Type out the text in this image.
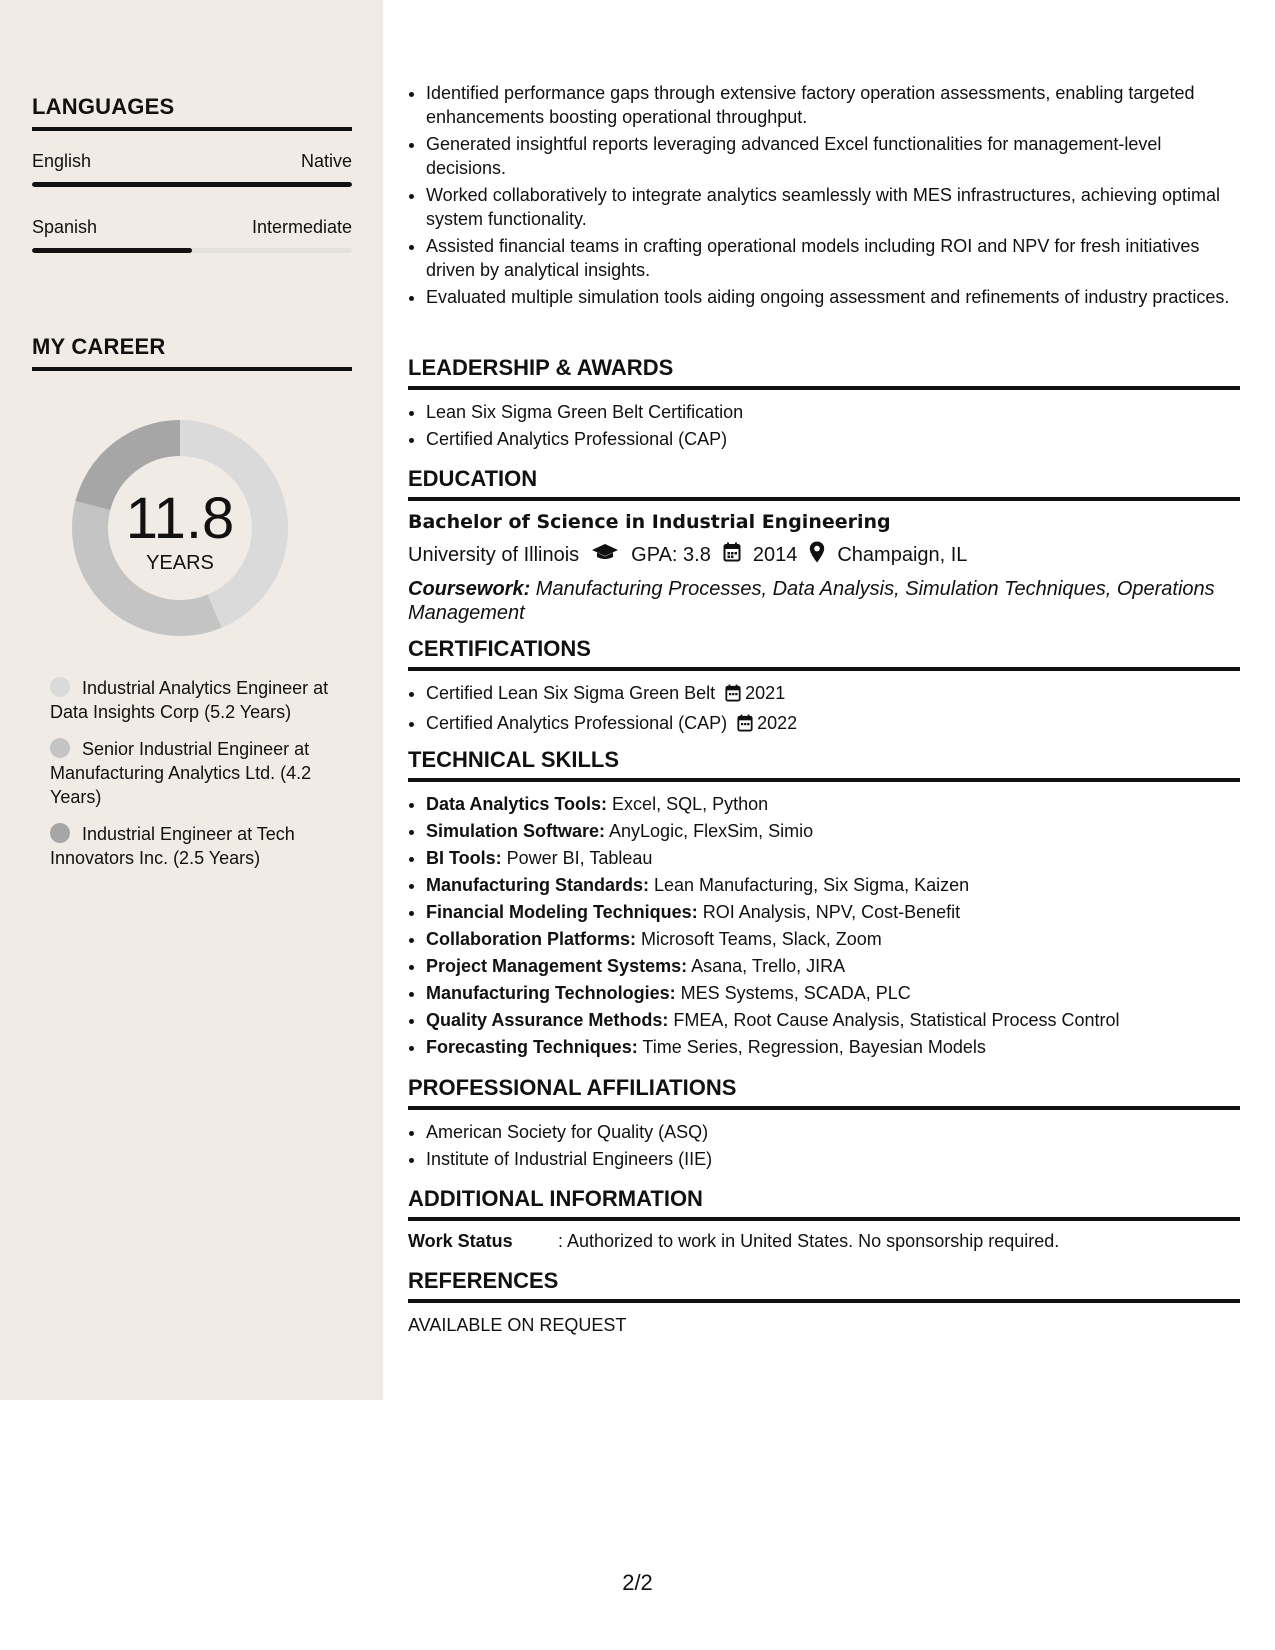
LANGUAGES
English	Native
Spanish	Intermediate
MY CAREER
11.8
YEARS
Industrial Analytics Engineer at Data Insights Corp (5.2 Years)
Senior Industrial Engineer at Manufacturing Analytics Ltd. (4.2 Years)
Industrial Engineer at Tech Innovators Inc. (2.5 Years)
• Identified performance gaps through extensive factory operation assessments, enabling targeted enhancements boosting operational throughput.
• Generated insightful reports leveraging advanced Excel functionalities for management-level decisions.
• Worked collaboratively to integrate analytics seamlessly with MES infrastructures, achieving optimal system functionality.
• Assisted financial teams in crafting operational models including ROI and NPV for fresh initiatives driven by analytical insights.
• Evaluated multiple simulation tools aiding ongoing assessment and refinements of industry practices.
LEADERSHIP & AWARDS
• Lean Six Sigma Green Belt Certification
• Certified Analytics Professional (CAP)
EDUCATION
Bachelor of Science in Industrial Engineering
University of Illinois	GPA: 3.8 2014 Champaign, IL
Coursework: Manufacturing Processes, Data Analysis, Simulation Techniques, Operations Management
CERTIFICATIONS
• Certified Lean Six Sigma Green Belt 2021
• Certified Analytics Professional (CAP) 2022
TECHNICAL SKILLS
• Data Analytics Tools: Excel, SQL, Python
• Simulation Software: AnyLogic, FlexSim, Simio
• BI Tools: Power BI, Tableau
• Manufacturing Standards: Lean Manufacturing, Six Sigma, Kaizen
• Financial Modeling Techniques: ROI Analysis, NPV, Cost-Benefit
• Collaboration Platforms: Microsoft Teams, Slack, Zoom
• Project Management Systems: Asana, Trello, JIRA
• Manufacturing Technologies: MES Systems, SCADA, PLC
• Quality Assurance Methods: FMEA, Root Cause Analysis, Statistical Process Control
• Forecasting Techniques: Time Series, Regression, Bayesian Models
PROFESSIONAL AFFILIATIONS
• American Society for Quality (ASQ)
• Institute of Industrial Engineers (IIE)
ADDITIONAL INFORMATION
Work Status	: Authorized to work in United States. No sponsorship required.
REFERENCES
AVAILABLE ON REQUEST
2/2
